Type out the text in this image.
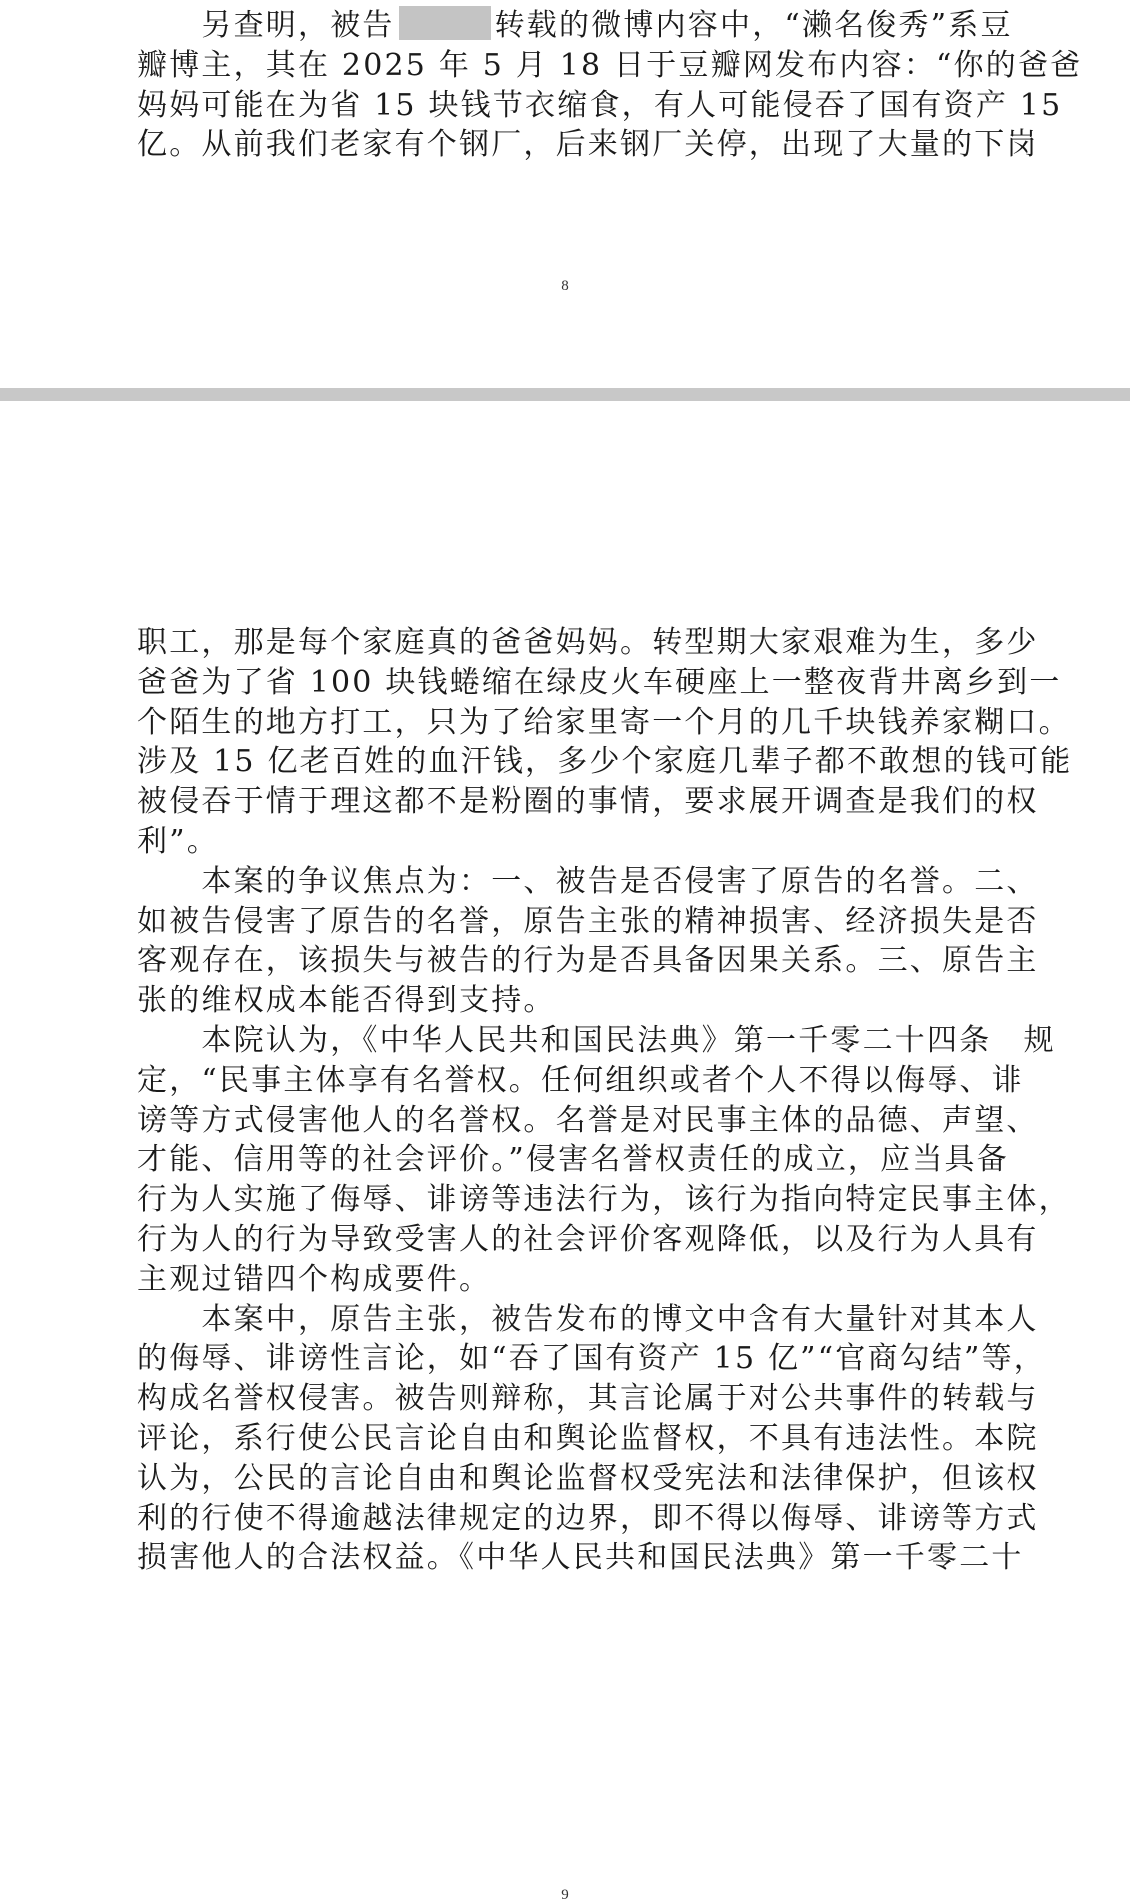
　　另查明，被告	转载的微博内容中，“濑名俊秀”系豆
瓣博主，其在 2025 年 5 月 18 日于豆瓣网发布内容：“你的爸爸
妈妈可能在为省 15 块钱节衣缩食，有人可能侵吞了国有资产 15
亿。从前我们老家有个钢厂，后来钢厂关停，出现了大量的下岗
8
职工，那是每个家庭真的爸爸妈妈。转型期大家艰难为生，多少
爸爸为了省 100 块钱蜷缩在绿皮火车硬座上一整夜背井离乡到一
个陌生的地方打工，只为了给家里寄一个月的几千块钱养家糊口。
涉及 15 亿老百姓的血汗钱，多少个家庭几辈子都不敢想的钱可能
被侵吞于情于理这都不是粉圈的事情，要求展开调查是我们的权
利”。
　　本案的争议焦点为：一、被告是否侵害了原告的名誉。二、
如被告侵害了原告的名誉，原告主张的精神损害、经济损失是否
客观存在，该损失与被告的行为是否具备因果关系。三、原告主
张的维权成本能否得到支持。
　　本院认为，《中华人民共和国民法典》第一千零二十四条　规
定，“民事主体享有名誉权。任何组织或者个人不得以侮辱、诽
谤等方式侵害他人的名誉权。名誉是对民事主体的品德、声望、
才能、信用等的社会评价。”侵害名誉权责任的成立，应当具备
行为人实施了侮辱、诽谤等违法行为，该行为指向特定民事主体，
行为人的行为导致受害人的社会评价客观降低，以及行为人具有
主观过错四个构成要件。
　　本案中，原告主张，被告发布的博文中含有大量针对其本人
的侮辱、诽谤性言论，如“吞了国有资产 15 亿”“官商勾结”等，
构成名誉权侵害。被告则辩称，其言论属于对公共事件的转载与
评论，系行使公民言论自由和舆论监督权，不具有违法性。本院
认为，公民的言论自由和舆论监督权受宪法和法律保护，但该权
利的行使不得逾越法律规定的边界，即不得以侮辱、诽谤等方式
损害他人的合法权益。《中华人民共和国民法典》第一千零二十
9
